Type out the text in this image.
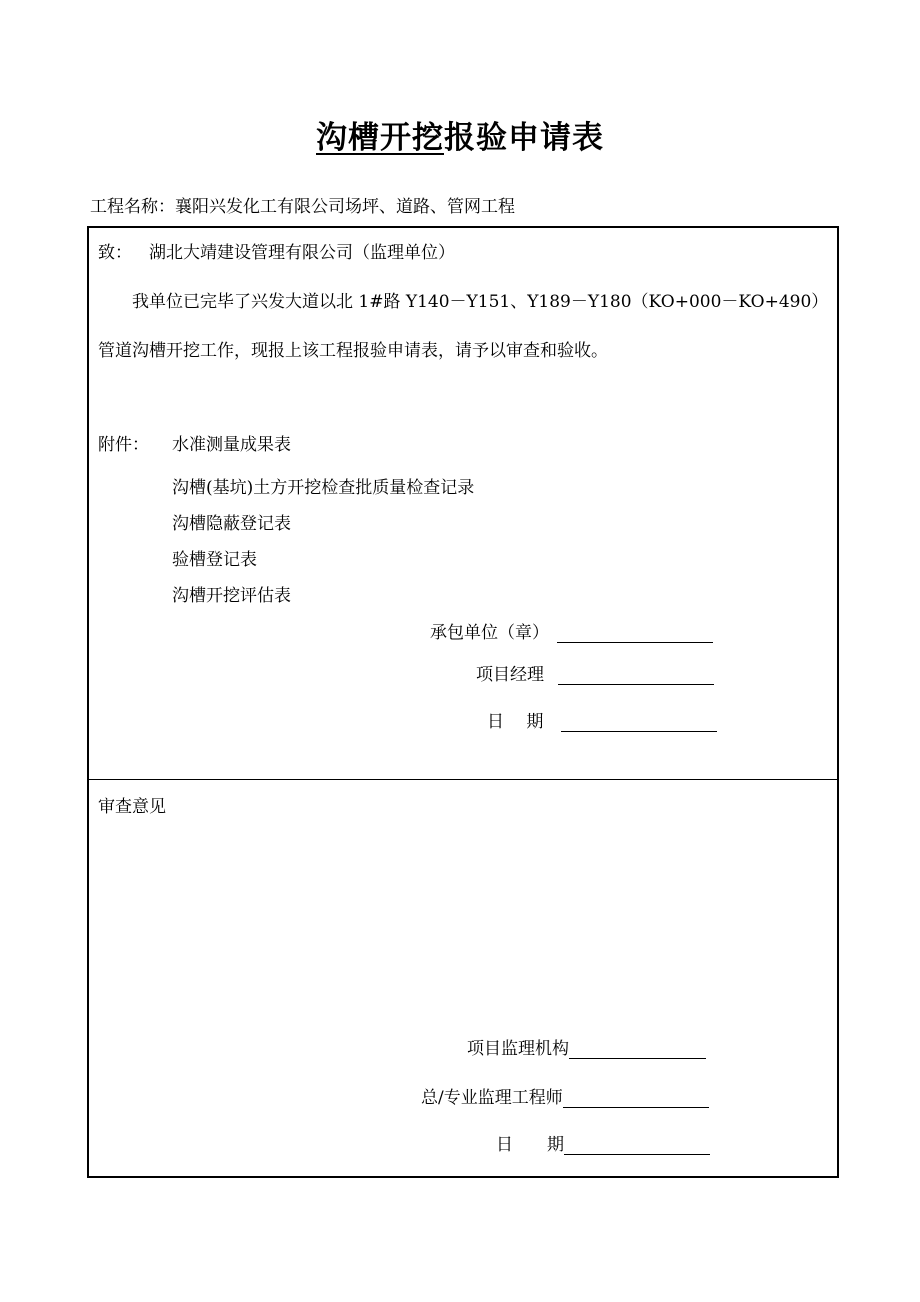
沟槽开挖报验申请表
工程名称：襄阳兴发化工有限公司场坪、道路、管网工程
致： 湖北大靖建设管理有限公司（监理单位）
我单位已完毕了兴发大道以北 1#路 Y140－Y151、Y189－Y180（KO+000－KO+490）
管道沟槽开挖工作，现报上该工程报验申请表，请予以审查和验收。
附件： 水准测量成果表
沟槽(基坑)土方开挖检查批质量检查记录
沟槽隐蔽登记表
验槽登记表
沟槽开挖评估表
承包单位（章）
项目经理
日　 期
审查意见
项目监理机构
总/专业监理工程师
日　　期
